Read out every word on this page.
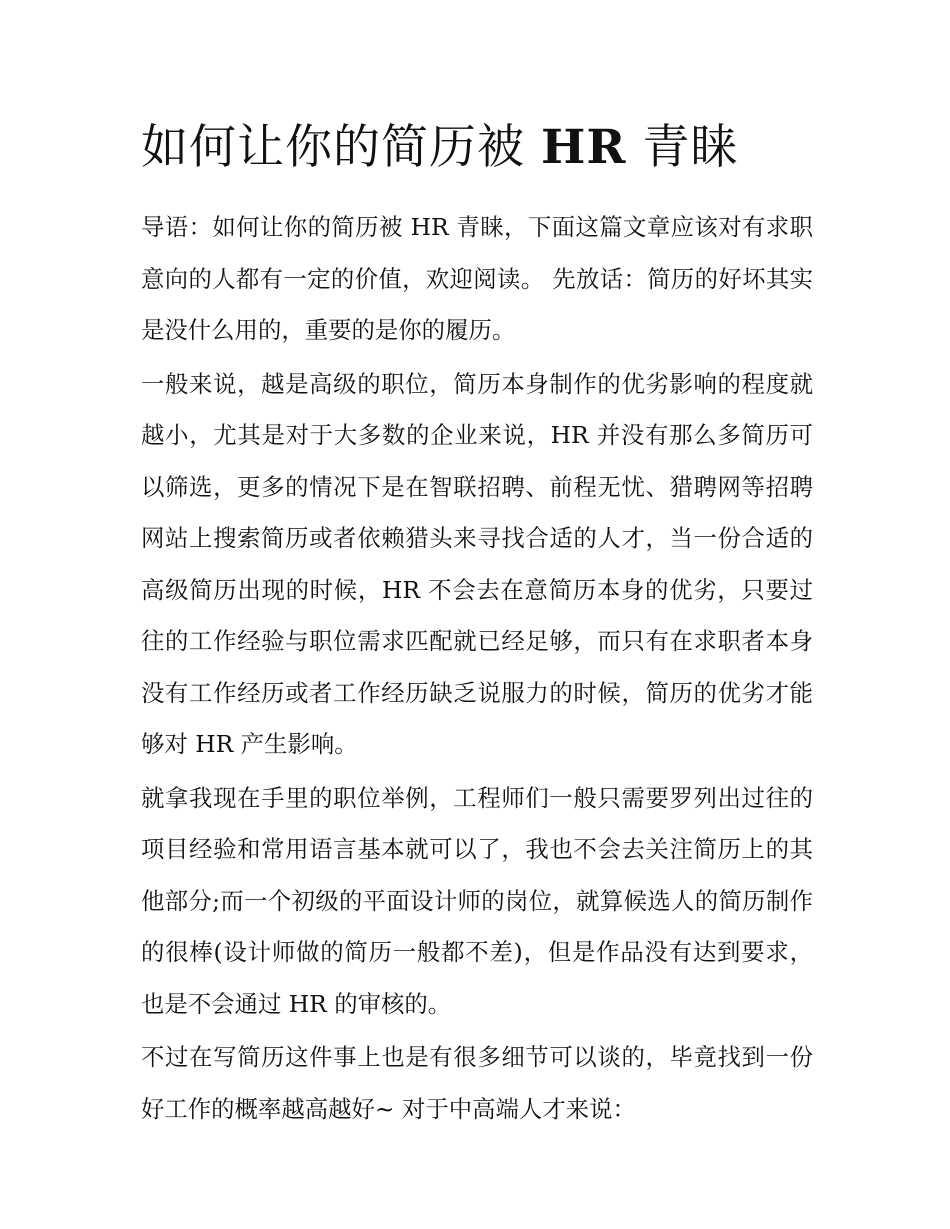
如何让你的简历被 HR 青睐

导语：如何让你的简历被 HR 青睐，下面这篇文章应该对有求职意向的人都有一定的价值，欢迎阅读。 先放话：简历的好坏其实是没什么用的，重要的是你的履历。

一般来说，越是高级的职位，简历本身制作的优劣影响的程度就越小，尤其是对于大多数的企业来说，HR 并没有那么多简历可以筛选，更多的情况下是在智联招聘、前程无忧、猎聘网等招聘网站上搜索简历或者依赖猎头来寻找合适的人才，当一份合适的高级简历出现的时候，HR 不会去在意简历本身的优劣，只要过往的工作经验与职位需求匹配就已经足够，而只有在求职者本身没有工作经历或者工作经历缺乏说服力的时候，简历的优劣才能够对 HR 产生影响。

就拿我现在手里的职位举例，工程师们一般只需要罗列出过往的项目经验和常用语言基本就可以了，我也不会去关注简历上的其他部分;而一个初级的平面设计师的岗位，就算候选人的简历制作的很棒(设计师做的简历一般都不差)，但是作品没有达到要求，也是不会通过 HR 的审核的。

不过在写简历这件事上也是有很多细节可以谈的，毕竟找到一份好工作的概率越高越好~ 对于中高端人才来说：
